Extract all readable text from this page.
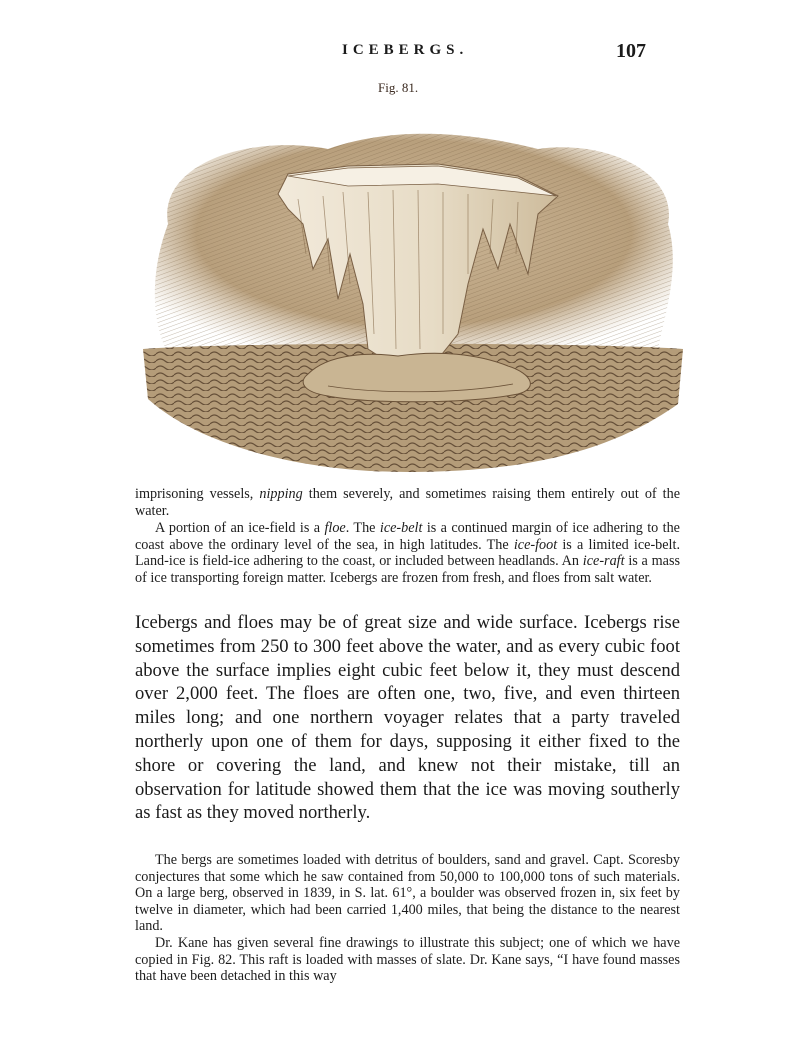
ICEBERGS.	107
Fig. 81.

imprisoning vessels, nipping them severely, and sometimes raising them entirely out of the water.

A portion of an ice-field is a floe. The ice-belt is a continued margin of ice adhering to the coast above the ordinary level of the sea, in high latitudes. The ice-foot is a limited ice-belt. Land-ice is field-ice adhering to the coast, or included between headlands. An ice-raft is a mass of ice transporting foreign matter. Icebergs are frozen from fresh, and floes from salt water.

Icebergs and floes may be of great size and wide surface. Icebergs rise sometimes from 250 to 300 feet above the water, and as every cubic foot above the surface implies eight cubic feet below it, they must descend over 2,000 feet. The floes are often one, two, five, and even thirteen miles long; and one northern voyager relates that a party traveled northerly upon one of them for days, supposing it either fixed to the shore or covering the land, and knew not their mistake, till an observation for latitude showed them that the ice was moving southerly as fast as they moved northerly.

The bergs are sometimes loaded with detritus of boulders, sand and gravel. Capt. Scoresby conjectures that some which he saw contained from 50,000 to 100,000 tons of such materials. On a large berg, observed in 1839, in S. lat. 61°, a boulder was observed frozen in, six feet by twelve in diameter, which had been carried 1,400 miles, that being the distance to the nearest land.

Dr. Kane has given several fine drawings to illustrate this subject; one of which we have copied in Fig. 82. This raft is loaded with masses of slate. Dr. Kane says, “I have found masses that have been detached in this way
